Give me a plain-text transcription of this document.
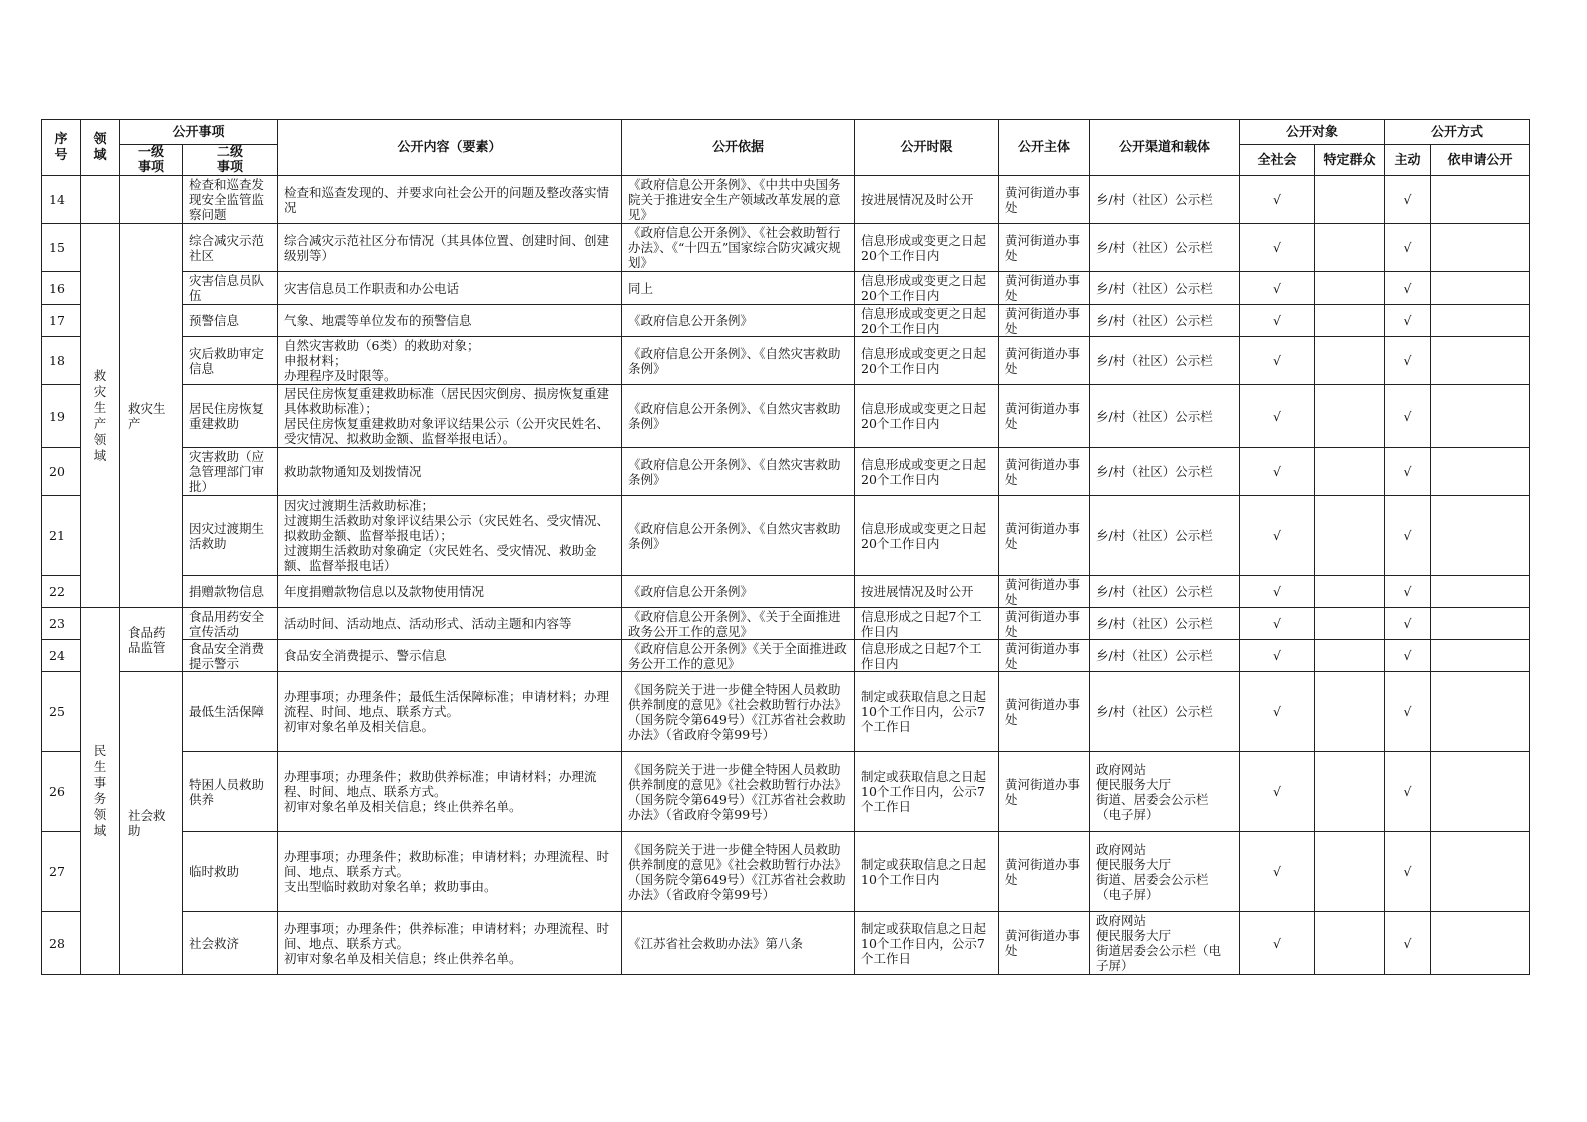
序号	领域	公开事项		公开内容（要素）	公开依据	公开时限	公开主体	公开渠道和载体	公开对象		公开方式	
		一级事项	二级事项						全社会	特定群众	主动	依申请公开
14			检查和巡查发现安全监管监察问题	检查和巡查发现的、并要求向社会公开的问题及整改落实情况	《政府信息公开条例》、《中共中央国务院关于推进安全生产领域改革发展的意见》	按进展情况及时公开	黄河街道办事处	乡/村（社区）公示栏	√		√	
15	救灾生产领域	救灾生产	综合减灾示范社区	综合减灾示范社区分布情况（其具体位置、创建时间、创建级别等）	《政府信息公开条例》、《社会救助暂行办法》、《“十四五”国家综合防灾减灾规划》	信息形成或变更之日起20个工作日内	黄河街道办事处	乡/村（社区）公示栏	√		√	
16			灾害信息员队伍	灾害信息员工作职责和办公电话	同上	信息形成或变更之日起20个工作日内	黄河街道办事处	乡/村（社区）公示栏	√		√	
17			预警信息	气象、地震等单位发布的预警信息	《政府信息公开条例》	信息形成或变更之日起20个工作日内	黄河街道办事处	乡/村（社区）公示栏	√		√	
18			灾后救助审定信息	自然灾害救助（6类）的救助对象；
申报材料；
办理程序及时限等。	《政府信息公开条例》、《自然灾害救助条例》	信息形成或变更之日起20个工作日内	黄河街道办事处	乡/村（社区）公示栏	√		√	
19			居民住房恢复重建救助	居民住房恢复重建救助标准（居民因灾倒房、损房恢复重建具体救助标准）；
居民住房恢复重建救助对象评议结果公示（公开灾民姓名、受灾情况、拟救助金额、监督举报电话）。	《政府信息公开条例》、《自然灾害救助条例》	信息形成或变更之日起20个工作日内	黄河街道办事处	乡/村（社区）公示栏	√		√	
20			灾害救助（应急管理部门审批）	救助款物通知及划拨情况	《政府信息公开条例》、《自然灾害救助条例》	信息形成或变更之日起20个工作日内	黄河街道办事处	乡/村（社区）公示栏	√		√	
21			因灾过渡期生活救助	因灾过渡期生活救助标准；
过渡期生活救助对象评议结果公示（灾民姓名、受灾情况、拟救助金额、监督举报电话）；
过渡期生活救助对象确定（灾民姓名、受灾情况、救助金额、监督举报电话）	《政府信息公开条例》、《自然灾害救助条例》	信息形成或变更之日起20个工作日内	黄河街道办事处	乡/村（社区）公示栏	√		√	
22			捐赠款物信息	年度捐赠款物信息以及款物使用情况	《政府信息公开条例》	按进展情况及时公开	黄河街道办事处	乡/村（社区）公示栏	√		√	
23	民生事务领域	食品药品监管	食品用药安全宣传活动	活动时间、活动地点、活动形式、活动主题和内容等	《政府信息公开条例》、《关于全面推进政务公开工作的意见》	信息形成之日起7个工作日内	黄河街道办事处	乡/村（社区）公示栏	√		√	
24			食品安全消费提示警示	食品安全消费提示、警示信息	《政府信息公开条例》《关于全面推进政务公开工作的意见》	信息形成之日起7个工作日内	黄河街道办事处	乡/村（社区）公示栏	√		√	
25		社会救助	最低生活保障	办理事项；办理条件；最低生活保障标准；申请材料；办理流程、时间、地点、联系方式。
初审对象名单及相关信息。	《国务院关于进一步健全特困人员救助供养制度的意见》《社会救助暂行办法》（国务院令第649号）《江苏省社会救助办法》（省政府令第99号）	制定或获取信息之日起10个工作日内，公示7个工作日	黄河街道办事处	乡/村（社区）公示栏	√		√	
26			特困人员救助供养	办理事项；办理条件；救助供养标准；申请材料；办理流程、时间、地点、联系方式。
初审对象名单及相关信息；终止供养名单。	《国务院关于进一步健全特困人员救助供养制度的意见》《社会救助暂行办法》（国务院令第649号）《江苏省社会救助办法》（省政府令第99号）	制定或获取信息之日起10个工作日内，公示7个工作日	黄河街道办事处	政府网站
便民服务大厅
街道、居委会公示栏（电子屏）	√		√	
27			临时救助	办理事项；办理条件；救助标准；申请材料；办理流程、时间、地点、联系方式。
支出型临时救助对象名单；救助事由。	《国务院关于进一步健全特困人员救助供养制度的意见》《社会救助暂行办法》（国务院令第649号）《江苏省社会救助办法》（省政府令第99号）	制定或获取信息之日起10个工作日内	黄河街道办事处	政府网站
便民服务大厅
街道、居委会公示栏（电子屏）	√		√	
28			社会救济	办理事项；办理条件；供养标准；申请材料；办理流程、时间、地点、联系方式。
初审对象名单及相关信息；终止供养名单。	《江苏省社会救助办法》第八条	制定或获取信息之日起10个工作日内，公示7个工作日	黄河街道办事处	政府网站
便民服务大厅
街道居委会公示栏（电子屏）	√		√	
